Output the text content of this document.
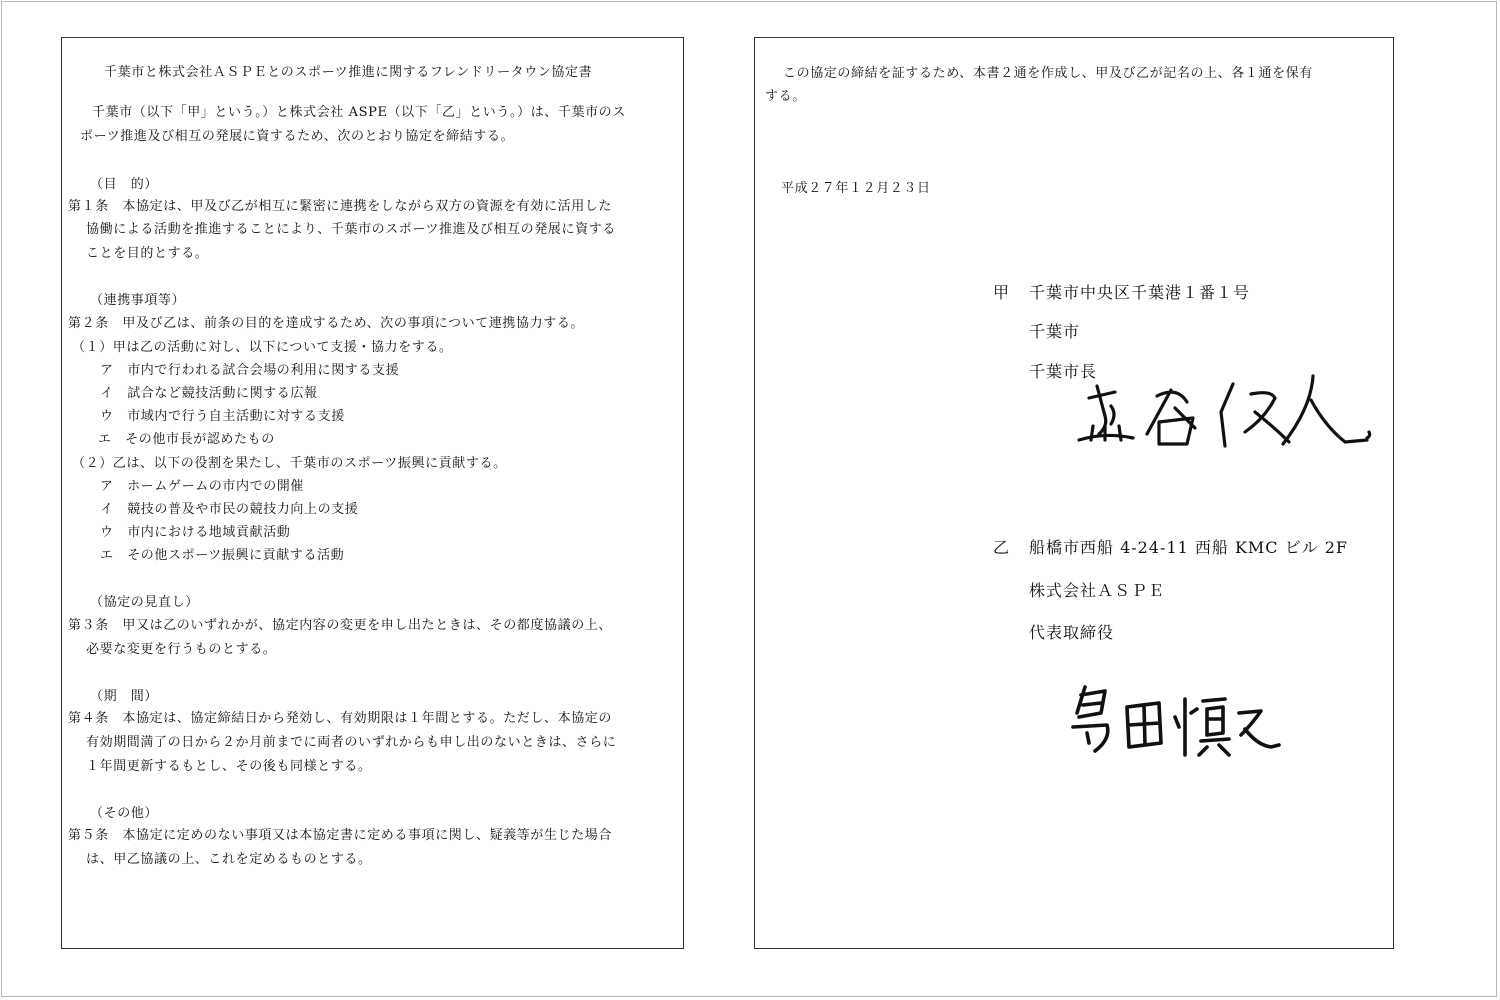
千葉市と株式会社ＡＳＰＥとのスポーツ推進に関するフレンドリータウン協定書
千葉市（以下「甲」という。）と株式会社 ASPE（以下「乙」という。）は、千葉市のス
ポーツ推進及び相互の発展に資するため、次のとおり協定を締結する。
（目　的）
第１条　本協定は、甲及び乙が相互に緊密に連携をしながら双方の資源を有効に活用した
協働による活動を推進することにより、千葉市のスポーツ推進及び相互の発展に資する
ことを目的とする。
（連携事項等）
第２条　甲及び乙は、前条の目的を達成するため、次の事項について連携協力する。
（１）甲は乙の活動に対し、以下について支援・協力をする。
ア　市内で行われる試合会場の利用に関する支援
イ　試合など競技活動に関する広報
ウ　市域内で行う自主活動に対する支援
エ　その他市長が認めたもの
（２）乙は、以下の役割を果たし、千葉市のスポーツ振興に貢献する。
ア　ホームゲームの市内での開催
イ　競技の普及や市民の競技力向上の支援
ウ　市内における地域貢献活動
エ　その他スポーツ振興に貢献する活動
（協定の見直し）
第３条　甲又は乙のいずれかが、協定内容の変更を申し出たときは、その都度協議の上、
必要な変更を行うものとする。
（期　間）
第４条　本協定は、協定締結日から発効し、有効期限は１年間とする。ただし、本協定の
有効期間満了の日から２か月前までに両者のいずれからも申し出のないときは、さらに
１年間更新するもとし、その後も同様とする。
（その他）
第５条　本協定に定めのない事項又は本協定書に定める事項に関し、疑義等が生じた場合
は、甲乙協議の上、これを定めるものとする。
この協定の締結を証するため、本書２通を作成し、甲及び乙が記名の上、各１通を保有
する。
平成２７年１２月２３日
甲 千葉市中央区千葉港１番１号
千葉市
千葉市長
乙 船橋市西船 4-24-11 西船 KMC ビル 2F
株式会社ＡＳＰＥ
代表取締役
